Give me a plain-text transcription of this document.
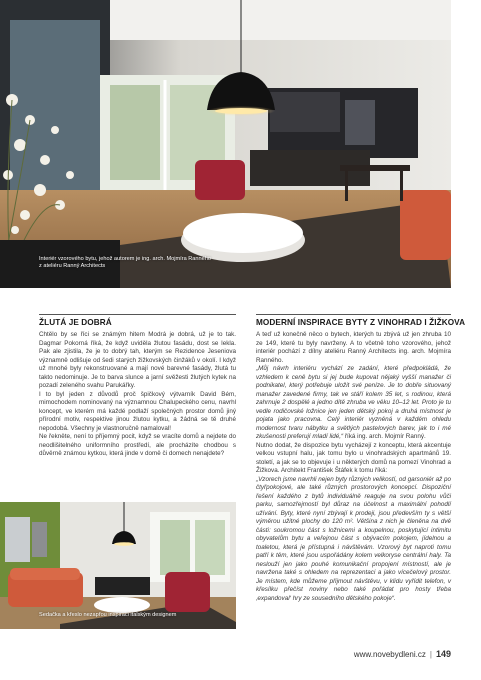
Interiér vzorového bytu, jehož autorem je ing. arch. Mojmíra Ranného
z ateliéru Ranný Architects
ŽLUTÁ JE DOBRÁ

Chtělo by se říci se známým hitem Modrá je dobrá, už je to tak. Dagmar Pokorná říká, že když uviděla žlutou fasádu, dost se lekla. Pak ale zjistila, že je to dobrý tah, kterým se Rezidence Jeseniova významně odlišuje od šedi starých žižkovských činžáků v okolí. I když už mnohé byly rekonstruované a mají nové barevné fasády, žlutá tu takto nedominuje. Je to barva slunce a jarní svěžesti žlutých kytek na pozadí zeleného svahu Parukářky.

I to byl jeden z důvodů proč špičkový výtvarník David Bém, mimochodem nominovaný na významnou Chalupeckého cenu, navrhl koncept, ve kterém má každé podlaží společných prostor domů jiný přírodní motiv, respektive jinou žlutou kytku, a žádná se tě druhé nepodobá. Všechny je vlastnoručně namaloval!

Ne řekněte, není to příjemný pocit, když se vracíte domů a nejdete do neodlišitelného uniformního prostředí, ale procházíte chodbou s důvěrně známou kytkou, která jinde v domě či domech nenajdete?

Sedačka a křeslo nezapřou inspiraci italským designem
MODERNÍ INSPIRACE BYTY Z VINOHRAD I ŽIŽKOVA

A teď už konečně něco o bytech, kterých tu zbývá už jen zhruba 10 ze 149, které tu byly navrženy. A to včetně toho vzorového, jehož interiér pochází z dílny ateliéru Ranný Architects ing. arch. Mojmíra Ranného.

„Můj návrh interiéru vychází ze zadání, které předpokládá, že vzhledem k ceně bytu si jej bude kupovat nějaký vyšší manažer či podnikatel, který potřebuje uložit své peníze. Je to dobře situovaný manažer zavedené firmy, tak ve stáří kolem 35 let, s rodinou, která zahrnuje 2 dospělé a jedno dítě zhruba ve věku 10–12 let. Proto je tu vedle rodičovské ložnice jen jeden dětský pokoj a druhá místnost je pojata jako pracovna. Celý interiér vyzněná v každém ohledu modernost tvaru nábytku a světlých pastelových barev, jak to i mé zkušenosti preferují mladí lidé,“ říká ing. arch. Mojmír Ranný.

Nutno dodat, že dispozice bytu vycházejí z konceptu, která akcentuje velkou vstupní halu, jak tomu bylo u vinohradských apartmánů 19. století, a jak se to objevuje i u některých domů na pomezí Vinohrad a Žižkova. Architekt František Štáfek k tomu říká:

„Vzorech jsme navrhli nejen byty různých velikostí, od garsoniér až po čtyřpokojové, ale také různých prostorových koncepcí. Dispoziční řešení každého z bytů individuálně reaguje na svou polohu vůči parku, samozřejmostí byl důraz na účelnost a maximální pohodlí užívání. Byty, které nyní zbývají k prodeji, jsou především ty s větší výměrou užitné plochy do 120 m². Většina z nich je členěna na dvě části: soukromou část s ložnicemi a koupelnou, poskytující intimitu obyvatelům bytu a veřejnou část s obývacím pokojem, jídelnou a toaletou, která je přístupná i návštěvám. Vzorový byt naproti tomu patří k těm, které jsou uspořádány kolem velkoryse centrální haly. Ta neslouží jen jako pouhé komunikační propojení místností, ale je navržena také s ohledem na reprezentaci a jako vícečelový prostor. Je místem, kde můžeme přijmout návštěvu, v klidu vyřídit telefon, v křesílku přečíst noviny nebo také pořádat pro hosty třeba ‚expandoval‘ hry ze sousedního dětského pokoje“.

www.novebydleni.cz | 149
